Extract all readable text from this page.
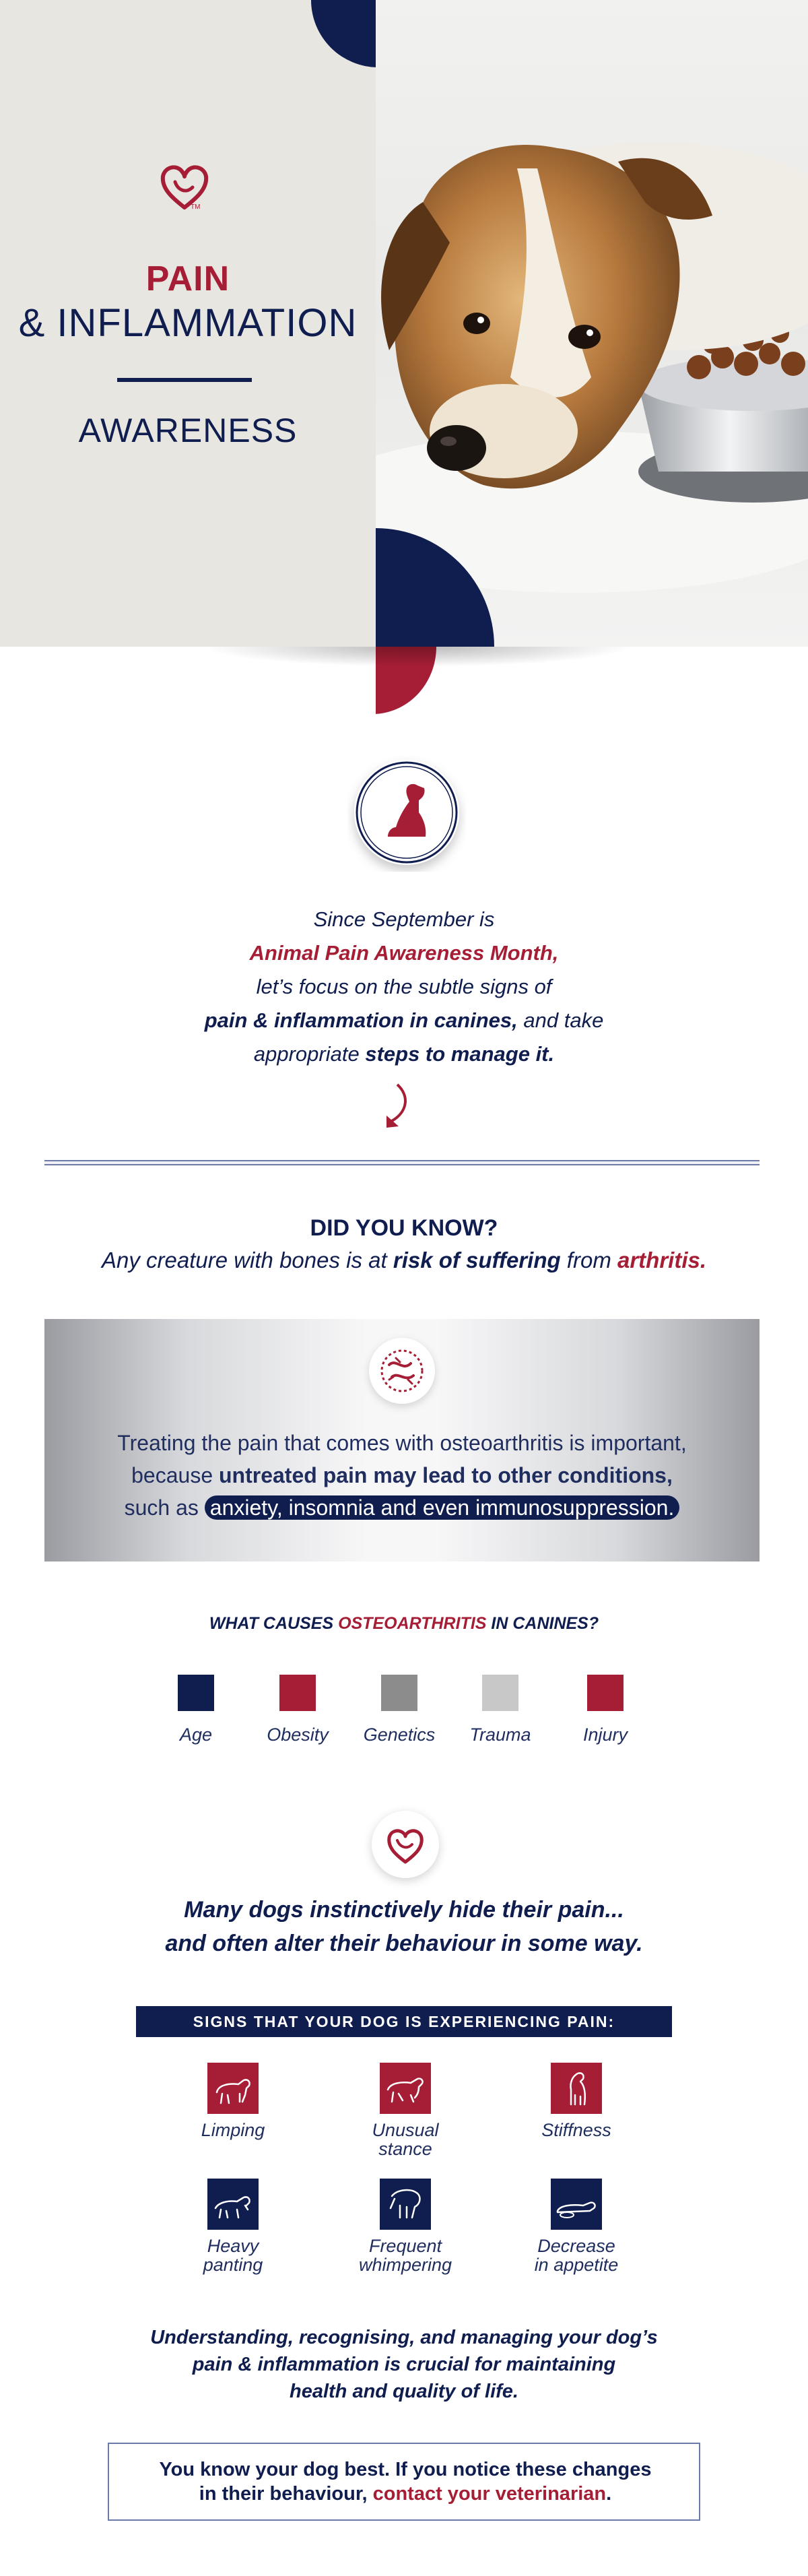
TM
PAIN
& INFLAMMATION
AWARENESS

Since September is

Animal Pain Awareness Month,

let’s focus on the subtle signs of

pain & inflammation in canines, and take

appropriate steps to manage it.

DID YOU KNOW?
Any creature with bones is at risk of suffering from arthritis.
Treating the pain that comes with osteoarthritis is important,
because untreated pain may lead to other conditions,
such as anxiety, insomnia and even immunosuppression.
WHAT CAUSES OSTEOARTHRITIS IN CANINES?
Age	Obesity	Genetics	Trauma	Injury
Many dogs instinctively hide their pain...
and often alter their behaviour in some way.
SIGNS THAT YOUR DOG IS EXPERIENCING PAIN:
Limping	Unusual
stance
Stiffness
Heavy
panting
Frequent
whimpering
Decrease
in appetite
Understanding, recognising, and managing your dog’s
pain & inflammation is crucial for maintaining
health and quality of life.
You know your dog best. If you notice these changes
in their behaviour, contact your veterinarian.
